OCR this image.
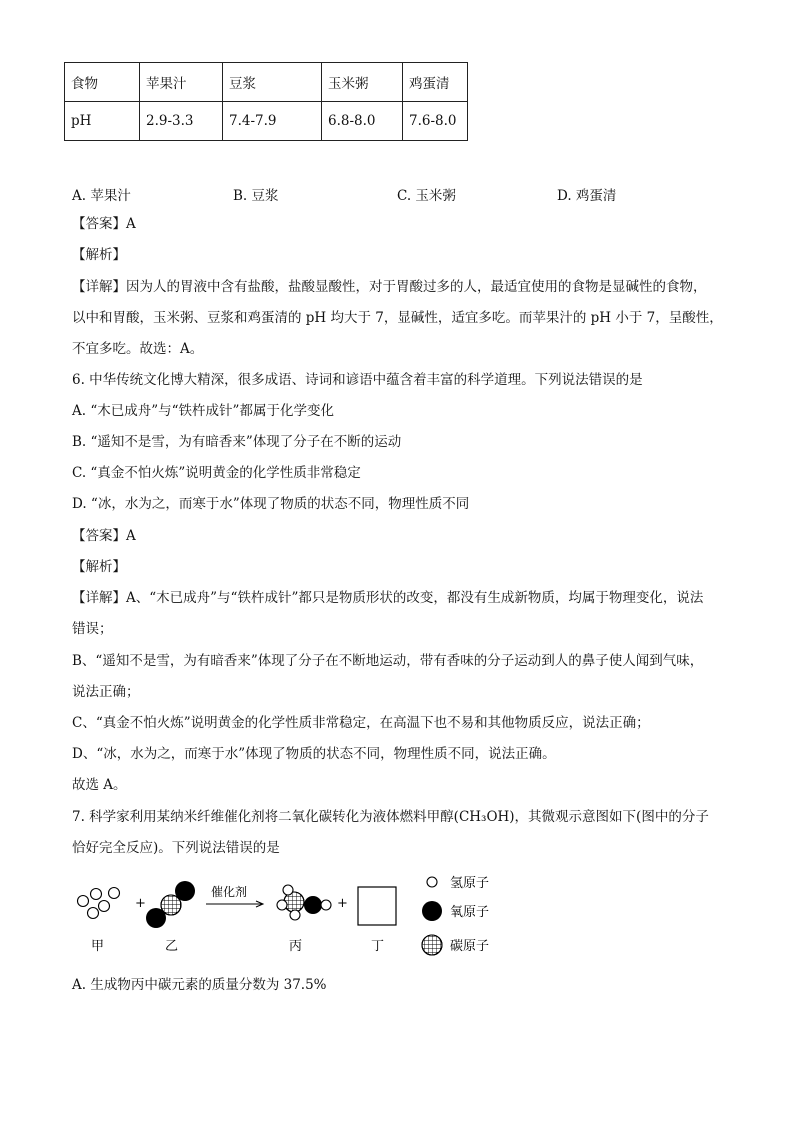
食物	苹果汁	豆浆	玉米粥	鸡蛋清
pH	2.9-3.3	7.4-7.9	6.8-8.0	7.6-8.0
A. 苹果汁	B. 豆浆	C. 玉米粥	D. 鸡蛋清
【答案】A
【解析】
【详解】因为人的胃液中含有盐酸，盐酸显酸性，对于胃酸过多的人，最适宜使用的食物是显碱性的食物，
以中和胃酸，玉米粥、豆浆和鸡蛋清的 pH 均大于 7，显碱性，适宜多吃。而苹果汁的 pH 小于 7，呈酸性，
不宜多吃。故选：A。
6. 中华传统文化博大精深，很多成语、诗词和谚语中蕴含着丰富的科学道理。下列说法错误的是
A. “木已成舟”与“铁杵成针”都属于化学变化
B. “遥知不是雪，为有暗香来”体现了分子在不断的运动
C. “真金不怕火炼”说明黄金的化学性质非常稳定
D. “冰，水为之，而寒于水”体现了物质的状态不同，物理性质不同
【答案】A
【解析】
【详解】A、“木已成舟”与“铁杵成针”都只是物质形状的改变，都没有生成新物质，均属于物理变化，说法
错误；
B、“遥知不是雪，为有暗香来”体现了分子在不断地运动，带有香味的分子运动到人的鼻子使人闻到气味，
说法正确；
C、“真金不怕火炼”说明黄金的化学性质非常稳定，在高温下也不易和其他物质反应，说法正确；
D、“冰，水为之，而寒于水”体现了物质的状态不同，物理性质不同，说法正确。
故选 A。
7. 科学家利用某纳米纤维催化剂将二氧化碳转化为液体燃料甲醇(CH₃OH)，其微观示意图如下(图中的分子
恰好完全反应)。下列说法错误的是
+
催化剂
+
甲	乙	丙	丁
氢原子
氧原子
碳原子
A. 生成物丙中碳元素的质量分数为 37.5%
